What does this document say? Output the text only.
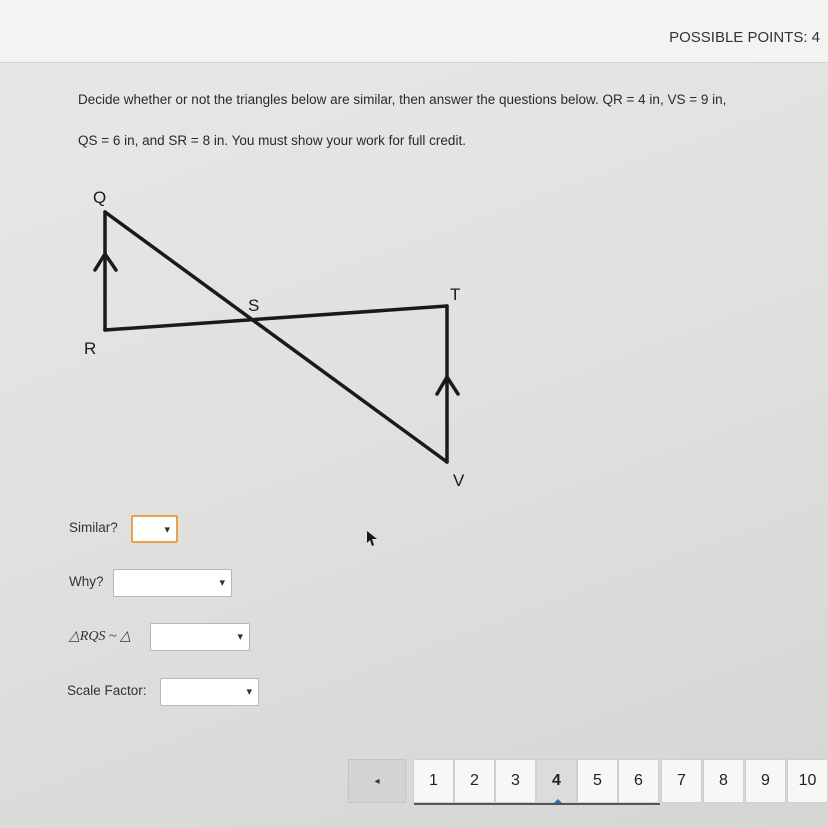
POSSIBLE POINTS: 4
Decide whether or not the triangles below are similar, then answer the questions below. QR = 4 in, VS = 9 in,
QS = 6 in, and SR = 8 in. You must show your work for full credit.
Q
R
S
T
V
Similar?	▾
Why?	▾
△RQS ~ △	▾
Scale Factor:	▾
◂	1 2 3 4 5 6 7 8 9 10
